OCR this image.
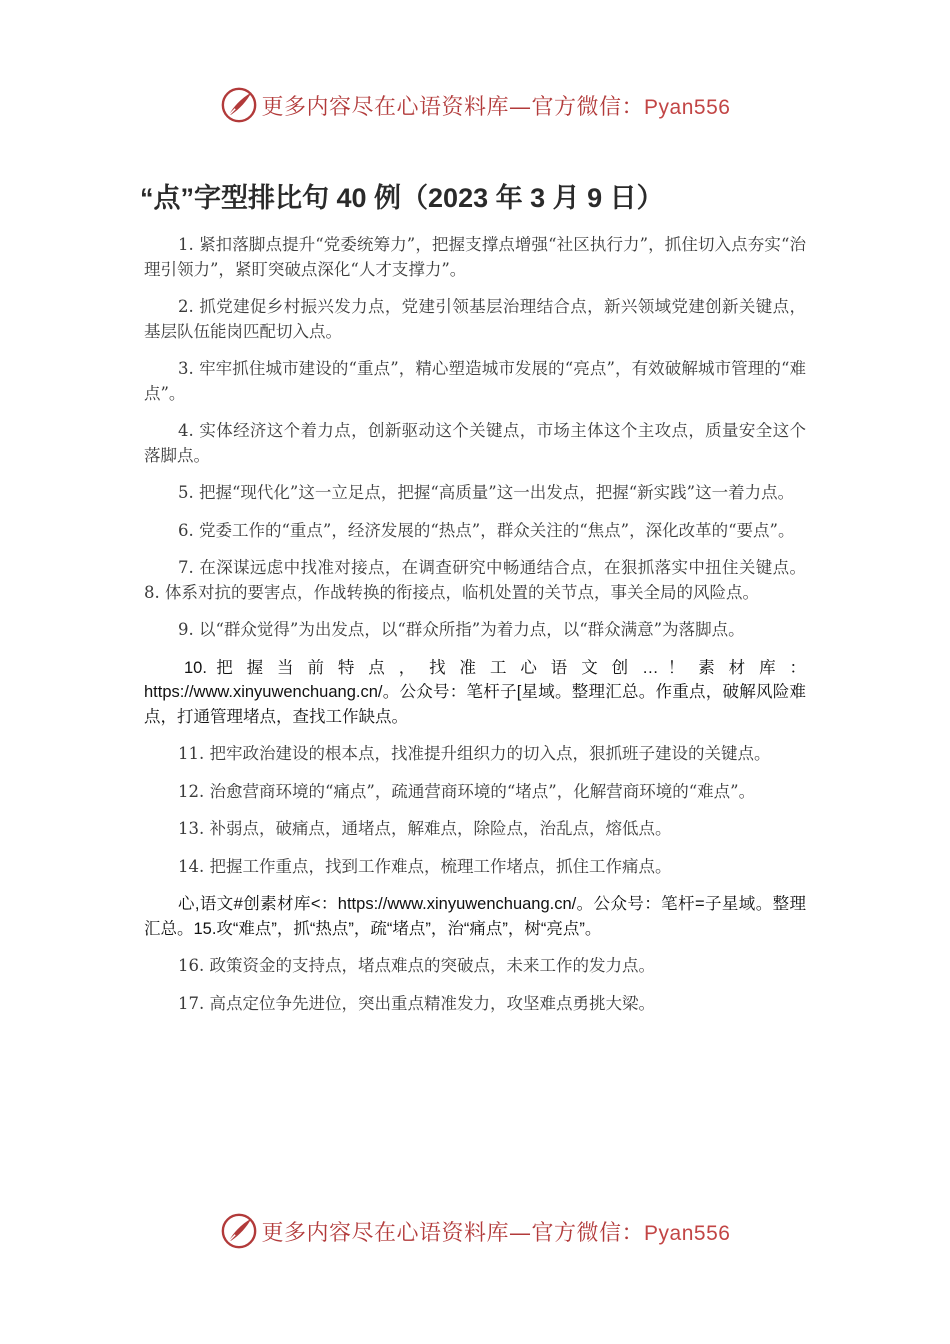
更多内容尽在心语资料库—官方微信：Pyan556
“点”字型排比句 40 例（2023 年 3 月 9 日）

1. 紧扣落脚点提升“党委统筹力”，把握支撑点增强“社区执行力”，抓住切入点夯实“治理引领力”，紧盯突破点深化“人才支撑力”。

2. 抓党建促乡村振兴发力点，党建引领基层治理结合点，新兴领域党建创新关键点，基层队伍能岗匹配切入点。

3. 牢牢抓住城市建设的“重点”，精心塑造城市发展的“亮点”，有效破解城市管理的“难点”。

4. 实体经济这个着力点，创新驱动这个关键点，市场主体这个主攻点，质量安全这个落脚点。

5. 把握“现代化”这一立足点，把握“高质量”这一出发点，把握“新实践”这一着力点。

6. 党委工作的“重点”，经济发展的“热点”，群众关注的“焦点”，深化改革的“要点”。

7. 在深谋远虑中找准对接点，在调查研究中畅通结合点，在狠抓落实中扭住关键点。8. 体系对抗的要害点，作战转换的衔接点，临机处置的关节点，事关全局的风险点。

9. 以“群众觉得”为出发点，以“群众所指”为着力点，以“群众满意”为落脚点。

10. 把 握 当 前 特 点 ， 找 准 工 心 语 文 创 … ！ 素 材 库 ： https://www.xinyuwenchuang.cn/。公众号：笔杆子[星域。整理汇总。作重点，破解风险难点，打通管理堵点，查找工作缺点。

11. 把牢政治建设的根本点，找准提升组织力的切入点，狠抓班子建设的关键点。

12. 治愈营商环境的“痛点”，疏通营商环境的“堵点”，化解营商环境的“难点”。

13. 补弱点，破痛点，通堵点，解难点，除险点，治乱点，熔低点。

14. 把握工作重点，找到工作难点，梳理工作堵点，抓住工作痛点。

心,语文#创素材库<：https://www.xinyuwenchuang.cn/。公众号：笔杆=子星域。整理汇总。15.攻“难点”，抓“热点”，疏“堵点”，治“痛点”，树“亮点”。

16. 政策资金的支持点，堵点难点的突破点，未来工作的发力点。

17. 高点定位争先进位，突出重点精准发力，攻坚难点勇挑大梁。

更多内容尽在心语资料库—官方微信：Pyan556
